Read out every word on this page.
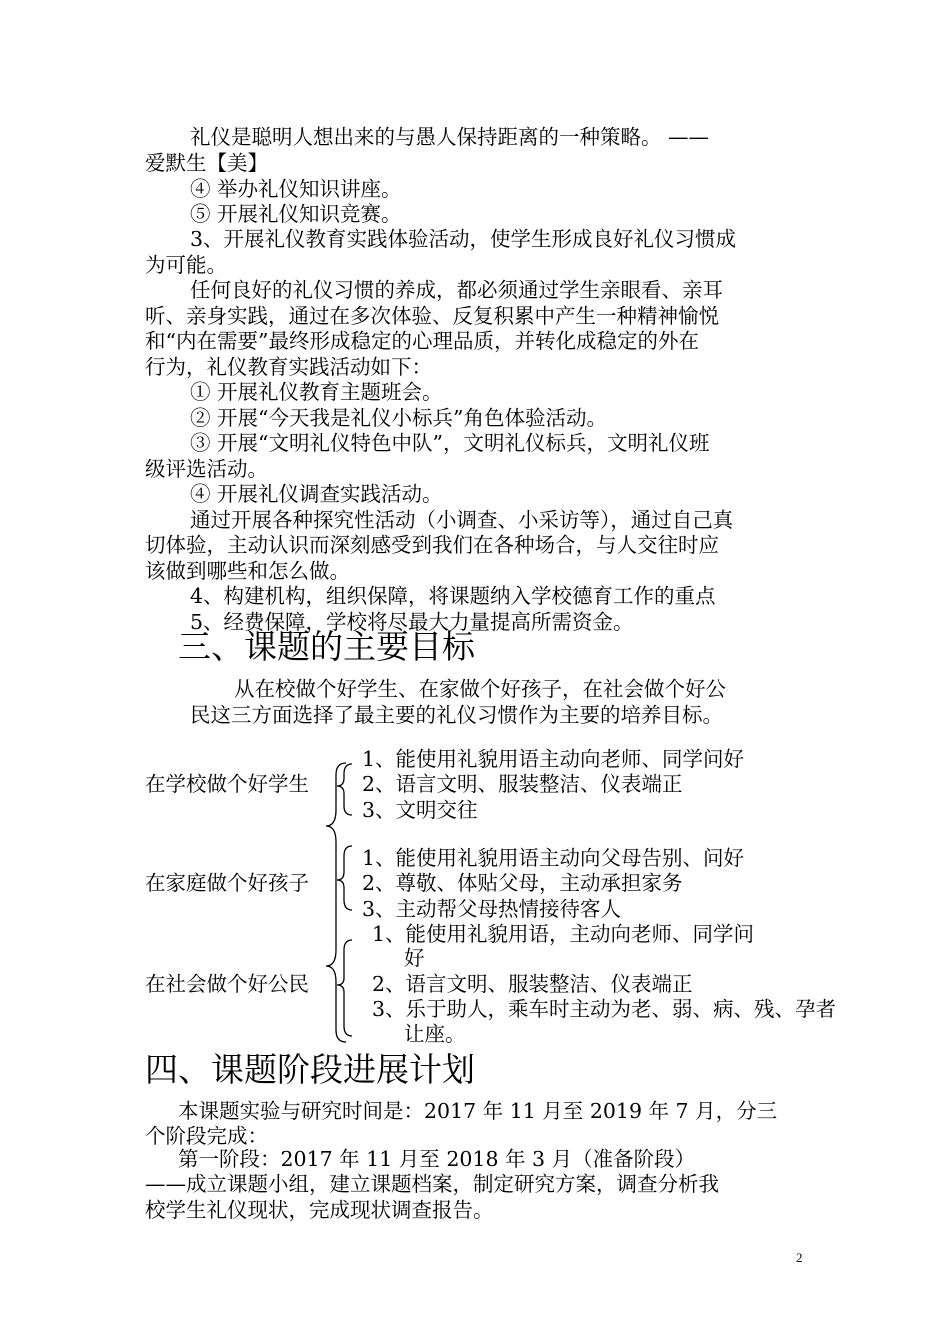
礼仪是聪明人想出来的与愚人保持距离的一种策略。 ——
爱默生【美】
④ 举办礼仪知识讲座。
⑤ 开展礼仪知识竞赛。
3、开展礼仪教育实践体验活动，使学生形成良好礼仪习惯成
为可能。
任何良好的礼仪习惯的养成，都必须通过学生亲眼看、亲耳
听、亲身实践，通过在多次体验、反复积累中产生一种精神愉悦
和“内在需要”最终形成稳定的心理品质，并转化成稳定的外在
行为，礼仪教育实践活动如下：
① 开展礼仪教育主题班会。
② 开展“今天我是礼仪小标兵”角色体验活动。
③ 开展“文明礼仪特色中队”，文明礼仪标兵，文明礼仪班
级评选活动。
④ 开展礼仪调查实践活动。
通过开展各种探究性活动（小调查、小采访等），通过自己真
切体验，主动认识而深刻感受到我们在各种场合，与人交往时应
该做到哪些和怎么做。
4、构建机构，组织保障，将课题纳入学校德育工作的重点
5、经费保障，学校将尽最大力量提高所需资金。
三、课题的主要目标
从在校做个好学生、在家做个好孩子，在社会做个好公
民这三方面选择了最主要的礼仪习惯作为主要的培养目标。
在学校做个好学生
1、能使用礼貌用语主动向老师、同学问好
2、语言文明、服装整洁、仪表端正
3、文明交往
在家庭做个好孩子
1、能使用礼貌用语主动向父母告别、问好
2、尊敬、体贴父母，主动承担家务
3、主动帮父母热情接待客人
在社会做个好公民
1、能使用礼貌用语，主动向老师、同学问
好
2、语言文明、服装整洁、仪表端正
3、乐于助人，乘车时主动为老、弱、病、残、孕者
让座。
四、课题阶段进展计划
本课题实验与研究时间是：2017 年 11 月至 2019 年 7 月，分三
个阶段完成：
第一阶段：2017 年 11 月至 2018 年 3 月（准备阶段）
——成立课题小组，建立课题档案，制定研究方案，调查分析我
校学生礼仪现状，完成现状调查报告。
2
